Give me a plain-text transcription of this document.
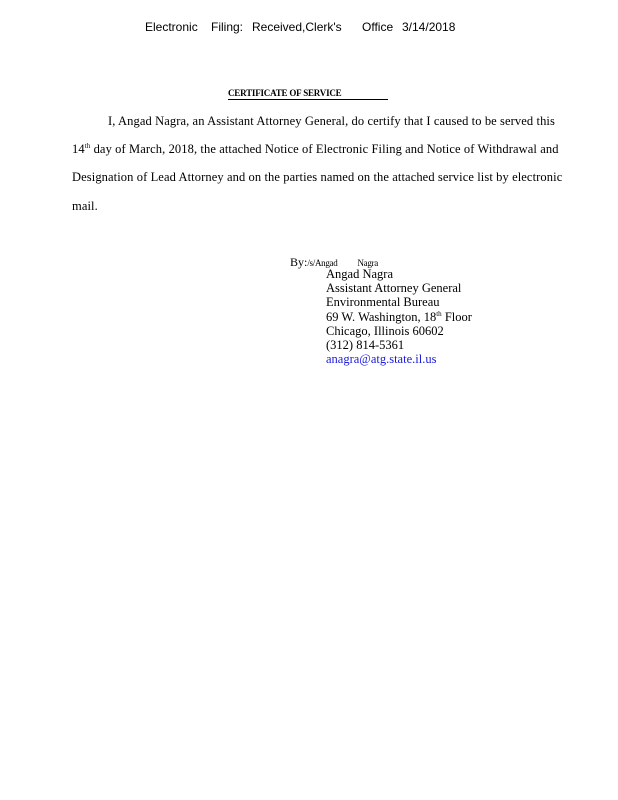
Electronic Filing: Received,Clerk's Office 3/14/2018
CERTIFICATE OF SERVICE
I, Angad Nagra, an Assistant Attorney General, do certify that I caused to be served this
14th day of March, 2018, the attached Notice of Electronic Filing and Notice of Withdrawal and
Designation of Lead Attorney and on the parties named on the attached service list by electronic
mail.
By:/s/Angad Nagra
Angad Nagra
Assistant Attorney General
Environmental Bureau
69 W. Washington, 18th Floor
Chicago, Illinois 60602
(312) 814-5361
anagra@atg.state.il.us
